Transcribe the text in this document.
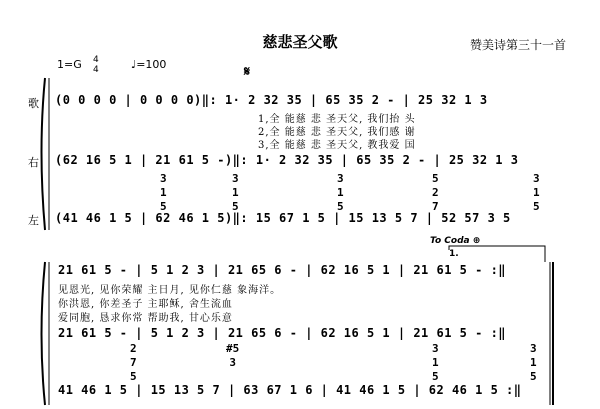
慈悲圣父歌	赞美诗第三十一首
1=G 4
4	♩=100	𝄋
歌
右
左
(0 0 0 0 | 0 0 0 0)‖: 1· 2 32 35 | 65 35 2 - | 25 32 1 3
1,全 能慈 悲 圣天父, 我们抬 头
2,全 能慈 悲 圣天父, 我们感 谢
3,全 能慈 悲 圣天父, 教我爱 国
(62 16 5 1 | 21 61 5 -)‖: 1· 2 32 35 | 65 35 2 - | 25 32 1 3
3
1
5
3
1
5
3
1
5
5
2
7
3
1
5
(41 46 1 5 | 62 46 1 5)‖: 15 67 1 5 | 15 13 5 7 | 52 57 3 5
To Coda ⊕
1.
21 61 5 - | 5 1 2 3 | 21 65 6 - | 62 16 5 1 | 21 61 5 - :‖
见恩光, 见你荣耀 主日月, 见你仁慈 象海洋。
你洪恩, 你差圣子 主耶稣, 舍生流血
爱同胞, 恳求你常 帮助我, 甘心乐意
21 61 5 - | 5 1 2 3 | 21 65 6 - | 62 16 5 1 | 21 61 5 - :‖
2
7
5
#5
3
3
1
5
3
1
5
41 46 1 5 | 15 13 5 7 | 63 67 1 6 | 41 46 1 5 | 62 46 1 5 :‖
